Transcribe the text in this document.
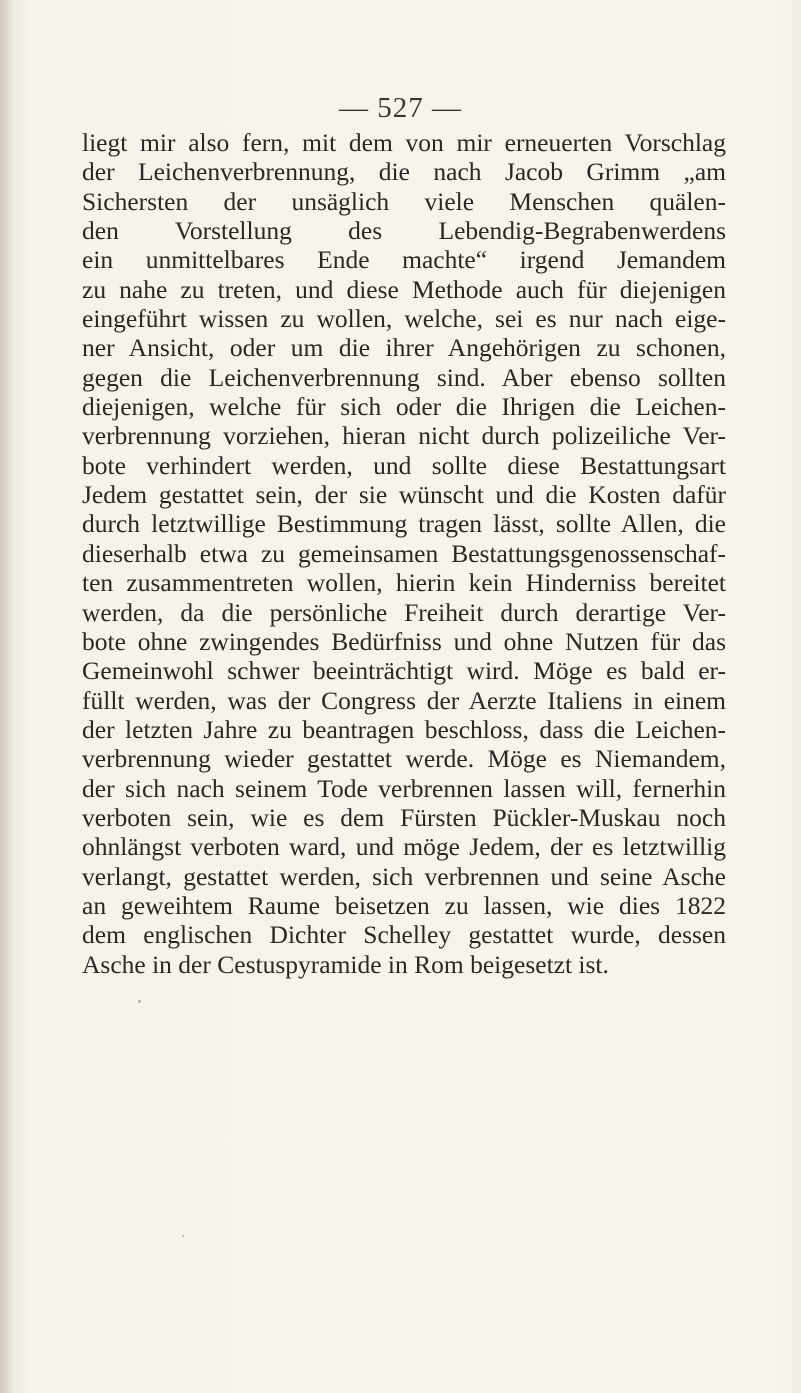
— 527 —
liegt mir also fern, mit dem von mir erneuerten Vorschlag
der Leichenverbrennung, die nach Jacob Grimm „am
Sichersten der unsäglich viele Menschen quälen-
den Vorstellung des Lebendig-Begrabenwerdens
ein unmittelbares Ende machte“ irgend Jemandem
zu nahe zu treten, und diese Methode auch für diejenigen
eingeführt wissen zu wollen, welche, sei es nur nach eige-
ner Ansicht, oder um die ihrer Angehörigen zu schonen,
gegen die Leichenverbrennung sind. Aber ebenso sollten
diejenigen, welche für sich oder die Ihrigen die Leichen-
verbrennung vorziehen, hieran nicht durch polizeiliche Ver-
bote verhindert werden, und sollte diese Bestattungsart
Jedem gestattet sein, der sie wünscht und die Kosten dafür
durch letztwillige Bestimmung tragen lässt, sollte Allen, die
dieserhalb etwa zu gemeinsamen Bestattungsgenossenschaf-
ten zusammentreten wollen, hierin kein Hinderniss bereitet
werden, da die persönliche Freiheit durch derartige Ver-
bote ohne zwingendes Bedürfniss und ohne Nutzen für das
Gemeinwohl schwer beeinträchtigt wird. Möge es bald er-
füllt werden, was der Congress der Aerzte Italiens in einem
der letzten Jahre zu beantragen beschloss, dass die Leichen-
verbrennung wieder gestattet werde. Möge es Niemandem,
der sich nach seinem Tode verbrennen lassen will, fernerhin
verboten sein, wie es dem Fürsten Pückler-Muskau noch
ohnlängst verboten ward, und möge Jedem, der es letztwillig
verlangt, gestattet werden, sich verbrennen und seine Asche
an geweihtem Raume beisetzen zu lassen, wie dies 1822
dem englischen Dichter Schelley gestattet wurde, dessen
Asche in der Cestuspyramide in Rom beigesetzt ist.
